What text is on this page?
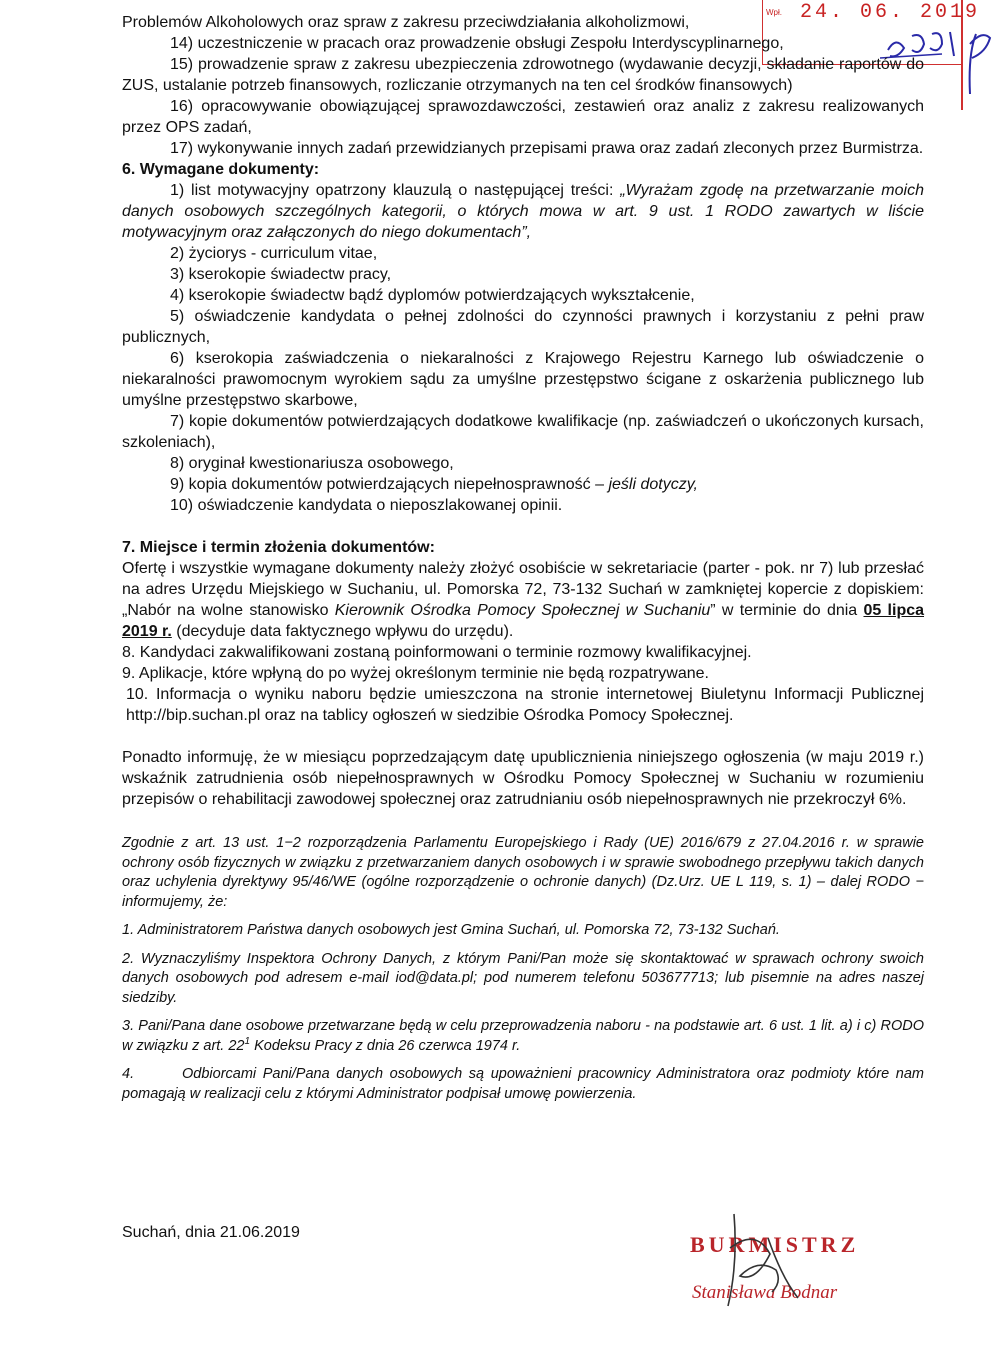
Wpł. 24. 06. 2019

Problemów Alkoholowych oraz spraw z zakresu przeciwdziałania alkoholizmowi,

14) uczestniczenie w pracach oraz prowadzenie obsługi Zespołu Interdyscyplinarnego,

15) prowadzenie spraw z zakresu ubezpieczenia zdrowotnego (wydawanie decyzji, składanie raportów do ZUS, ustalanie potrzeb finansowych, rozliczanie otrzymanych na ten cel środków finansowych)

16) opracowywanie obowiązującej sprawozdawczości, zestawień oraz analiz z zakresu realizowanych przez OPS zadań,

17) wykonywanie innych zadań przewidzianych przepisami prawa oraz zadań zleconych przez Burmistrza.

6. Wymagane dokumenty:

1) list motywacyjny opatrzony klauzulą o następującej treści: „Wyrażam zgodę na przetwarzanie moich danych osobowych szczególnych kategorii, o których mowa w art. 9 ust. 1 RODO zawartych w liście motywacyjnym oraz załączonych do niego dokumentach”,

2) życiorys - curriculum vitae,

3) kserokopie świadectw pracy,

4) kserokopie świadectw bądź dyplomów potwierdzających wykształcenie,

5) oświadczenie kandydata o pełnej zdolności do czynności prawnych i korzystaniu z pełni praw publicznych,

6) kserokopia zaświadczenia o niekaralności z Krajowego Rejestru Karnego lub oświadczenie o niekaralności prawomocnym wyrokiem sądu za umyślne przestępstwo ścigane z oskarżenia publicznego lub umyślne przestępstwo skarbowe,

7) kopie dokumentów potwierdzających dodatkowe kwalifikacje (np. zaświadczeń o ukończonych kursach, szkoleniach),

8) oryginał kwestionariusza osobowego,

9) kopia dokumentów potwierdzających niepełnosprawność – jeśli dotyczy,

10) oświadczenie kandydata o nieposzlakowanej opinii.

7. Miejsce i termin złożenia dokumentów:

Ofertę i wszystkie wymagane dokumenty należy złożyć osobiście w sekretariacie (parter - pok. nr 7) lub przesłać na adres Urzędu Miejskiego w Suchaniu, ul. Pomorska 72, 73-132 Suchań w zamkniętej kopercie z dopiskiem: „Nabór na wolne stanowisko Kierownik Ośrodka Pomocy Społecznej w Suchaniu” w terminie do dnia 05 lipca 2019 r. (decyduje data faktycznego wpływu do urzędu).

8. Kandydaci zakwalifikowani zostaną poinformowani o terminie rozmowy kwalifikacyjnej.

9. Aplikacje, które wpłyną do po wyżej określonym terminie nie będą rozpatrywane.

10. Informacja o wyniku naboru będzie umieszczona na stronie internetowej Biuletynu Informacji Publicznej http://bip.suchan.pl oraz na tablicy ogłoszeń w siedzibie Ośrodka Pomocy Społecznej.

Ponadto informuję, że w miesiącu poprzedzającym datę upublicznienia niniejszego ogłoszenia (w maju 2019 r.) wskaźnik zatrudnienia osób niepełnosprawnych w Ośrodku Pomocy Społecznej w Suchaniu w rozumieniu przepisów o rehabilitacji zawodowej społecznej oraz zatrudnianiu osób niepełnosprawnych nie przekroczył 6%.

Zgodnie z art. 13 ust. 1−2 rozporządzenia Parlamentu Europejskiego i Rady (UE) 2016/679 z 27.04.2016 r. w sprawie ochrony osób fizycznych w związku z przetwarzaniem danych osobowych i w sprawie swobodnego przepływu takich danych oraz uchylenia dyrektywy 95/46/WE (ogólne rozporządzenie o ochronie danych) (Dz.Urz. UE L 119, s. 1) – dalej RODO − informujemy, że:

1. Administratorem Państwa danych osobowych jest Gmina Suchań, ul. Pomorska 72, 73-132 Suchań.

2. Wyznaczyliśmy Inspektora Ochrony Danych, z którym Pani/Pan może się skontaktować w sprawach ochrony swoich danych osobowych pod adresem e-mail iod@data.pl; pod numerem telefonu 503677713; lub pisemnie na adres naszej siedziby.

3. Pani/Pana dane osobowe przetwarzane będą w celu przeprowadzenia naboru - na podstawie art. 6 ust. 1 lit. a) i c) RODO w związku z art. $22^1$ Kodeksu Pracy z dnia 26 czerwca 1974 r.

4.	Odbiorcami Pani/Pana danych osobowych są upoważnieni pracownicy Administratora oraz podmioty które nam pomagają w realizacji celu z którymi Administrator podpisał umowę powierzenia.

Suchań, dnia 21.06.2019	BURMISTRZ
Stanisława Bodnar
